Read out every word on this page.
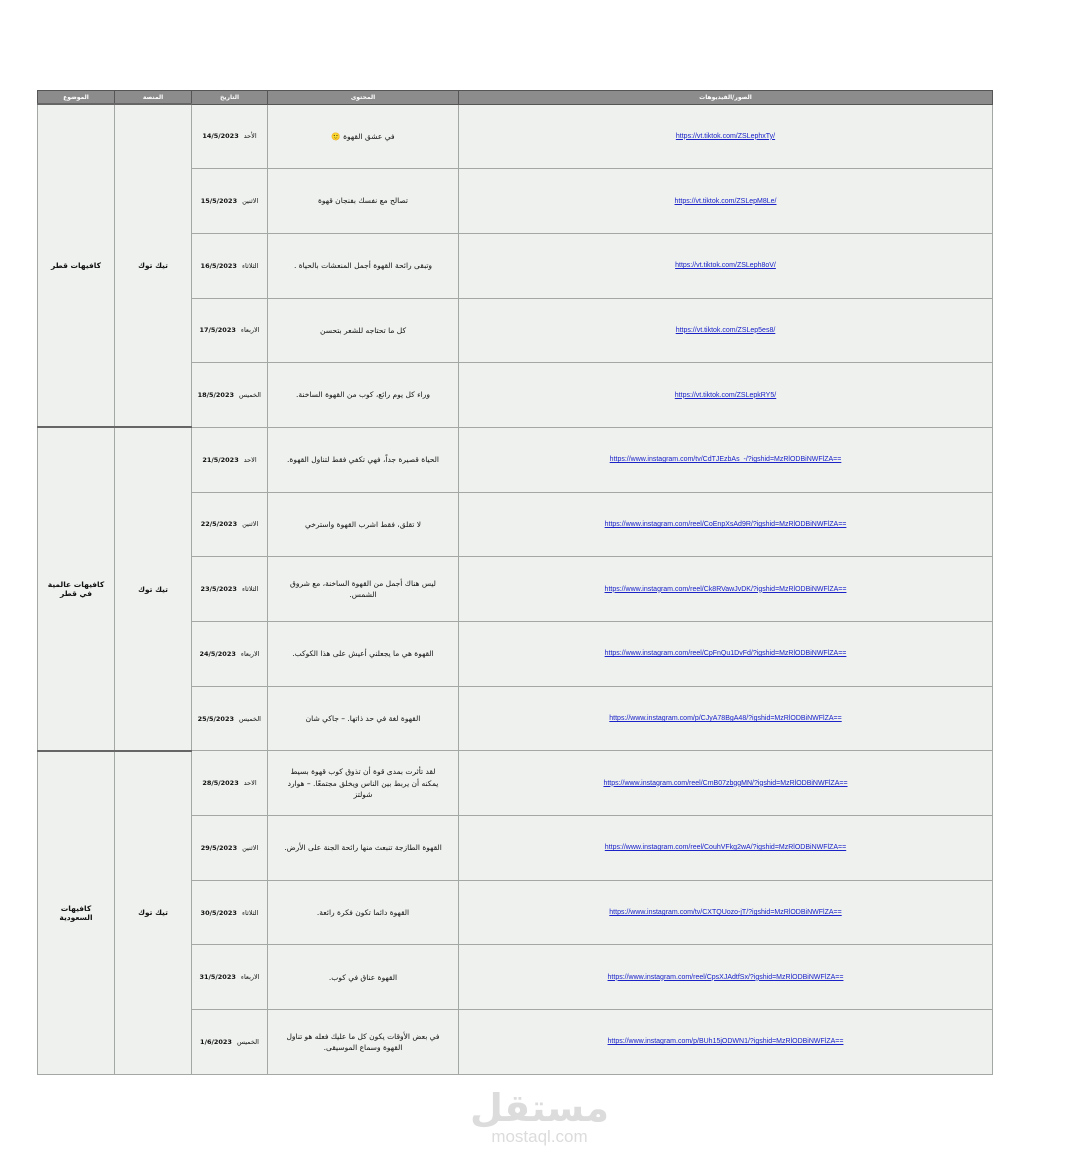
الموضوع	المنصة	التاريخ	المحتوى	الصور/الفيديوهات
كافيهات قطر	تيك توك	الأحد14/5/2023	في عشق القهوة 🙂	https://vt.tiktok.com/ZSLephxTy/
		الاثنين15/5/2023	تصالح مع نفسك بفنجان قهوة	https://vt.tiktok.com/ZSLepM8Le/
		الثلاثاء16/5/2023	وتبقى رائحة القهوة أجمل المنعشات بالحياة .	https://vt.tiktok.com/ZSLeph8oV/
		الاربعاء17/5/2023	كل ما تحتاجه للشعر بتحسن	https://vt.tiktok.com/ZSLep5es8/
		الخميس18/5/2023	وراء كل يوم رائع، كوب من القهوة الساخنة.	https://vt.tiktok.com/ZSLepkRY5/
كافيهات عالمية في قطر	تيك توك	الاحد21/5/2023	الحياة قصيرة جداً، فهي تكفي فقط لتناول القهوة.	https://www.instagram.com/tv/CdTJEzbAs_-/?igshid=MzRlODBiNWFlZA==
		الاثنين22/5/2023	لا تقلق، فقط اشرب القهوة واسترخي	https://www.instagram.com/reel/CoEnpXsAd9R/?igshid=MzRlODBiNWFlZA==
		الثلاثاء23/5/2023	ليس هناك أجمل من القهوة الساخنة، مع شروق الشمس.	https://www.instagram.com/reel/Ck8RVawJvDK/?igshid=MzRlODBiNWFlZA==
		الاربعاء24/5/2023	القهوة هي ما يجعلني أعيش على هذا الكوكب.	https://www.instagram.com/reel/CpFnQu1DvFd/?igshid=MzRlODBiNWFlZA==
		الخميس25/5/2023	القهوة لغة في حد ذاتها. – جاكي شان	https://www.instagram.com/p/CJyA78BgA48/?igshid=MzRlODBiNWFlZA==
كافيهات السعودية	تيك توك	الاحد28/5/2023	لقد تأثرت بمدى قوة أن تذوق كوب قهوة بسيط يمكنه أن يربط بين الناس ويخلق مجتمعًا. – هوارد شولتز	https://www.instagram.com/reel/CmB07zbggMN/?igshid=MzRlODBiNWFlZA==
		الاثنين29/5/2023	القهوة الطازجة تنبعث منها رائحة الجنة على الأرض.	https://www.instagram.com/reel/CouhVFkg2wA/?igshid=MzRlODBiNWFlZA==
		الثلاثاء30/5/2023	القهوة دائما تكون فكرة رائعة.	https://www.instagram.com/tv/CXTQUozo-jT/?igshid=MzRlODBiNWFlZA==
		الاربعاء31/5/2023	القهوة عناق في كوب.	https://www.instagram.com/reel/CpsXJAdtfSx/?igshid=MzRlODBiNWFlZA==
		الخميس1/6/2023	في بعض الأوقات يكون كل ما عليك فعله هو تناول القهوة وسماع الموسيقى.	https://www.instagram.com/p/BUh15jODWN1/?igshid=MzRlODBiNWFlZA==
مستقل
mostaql.com
